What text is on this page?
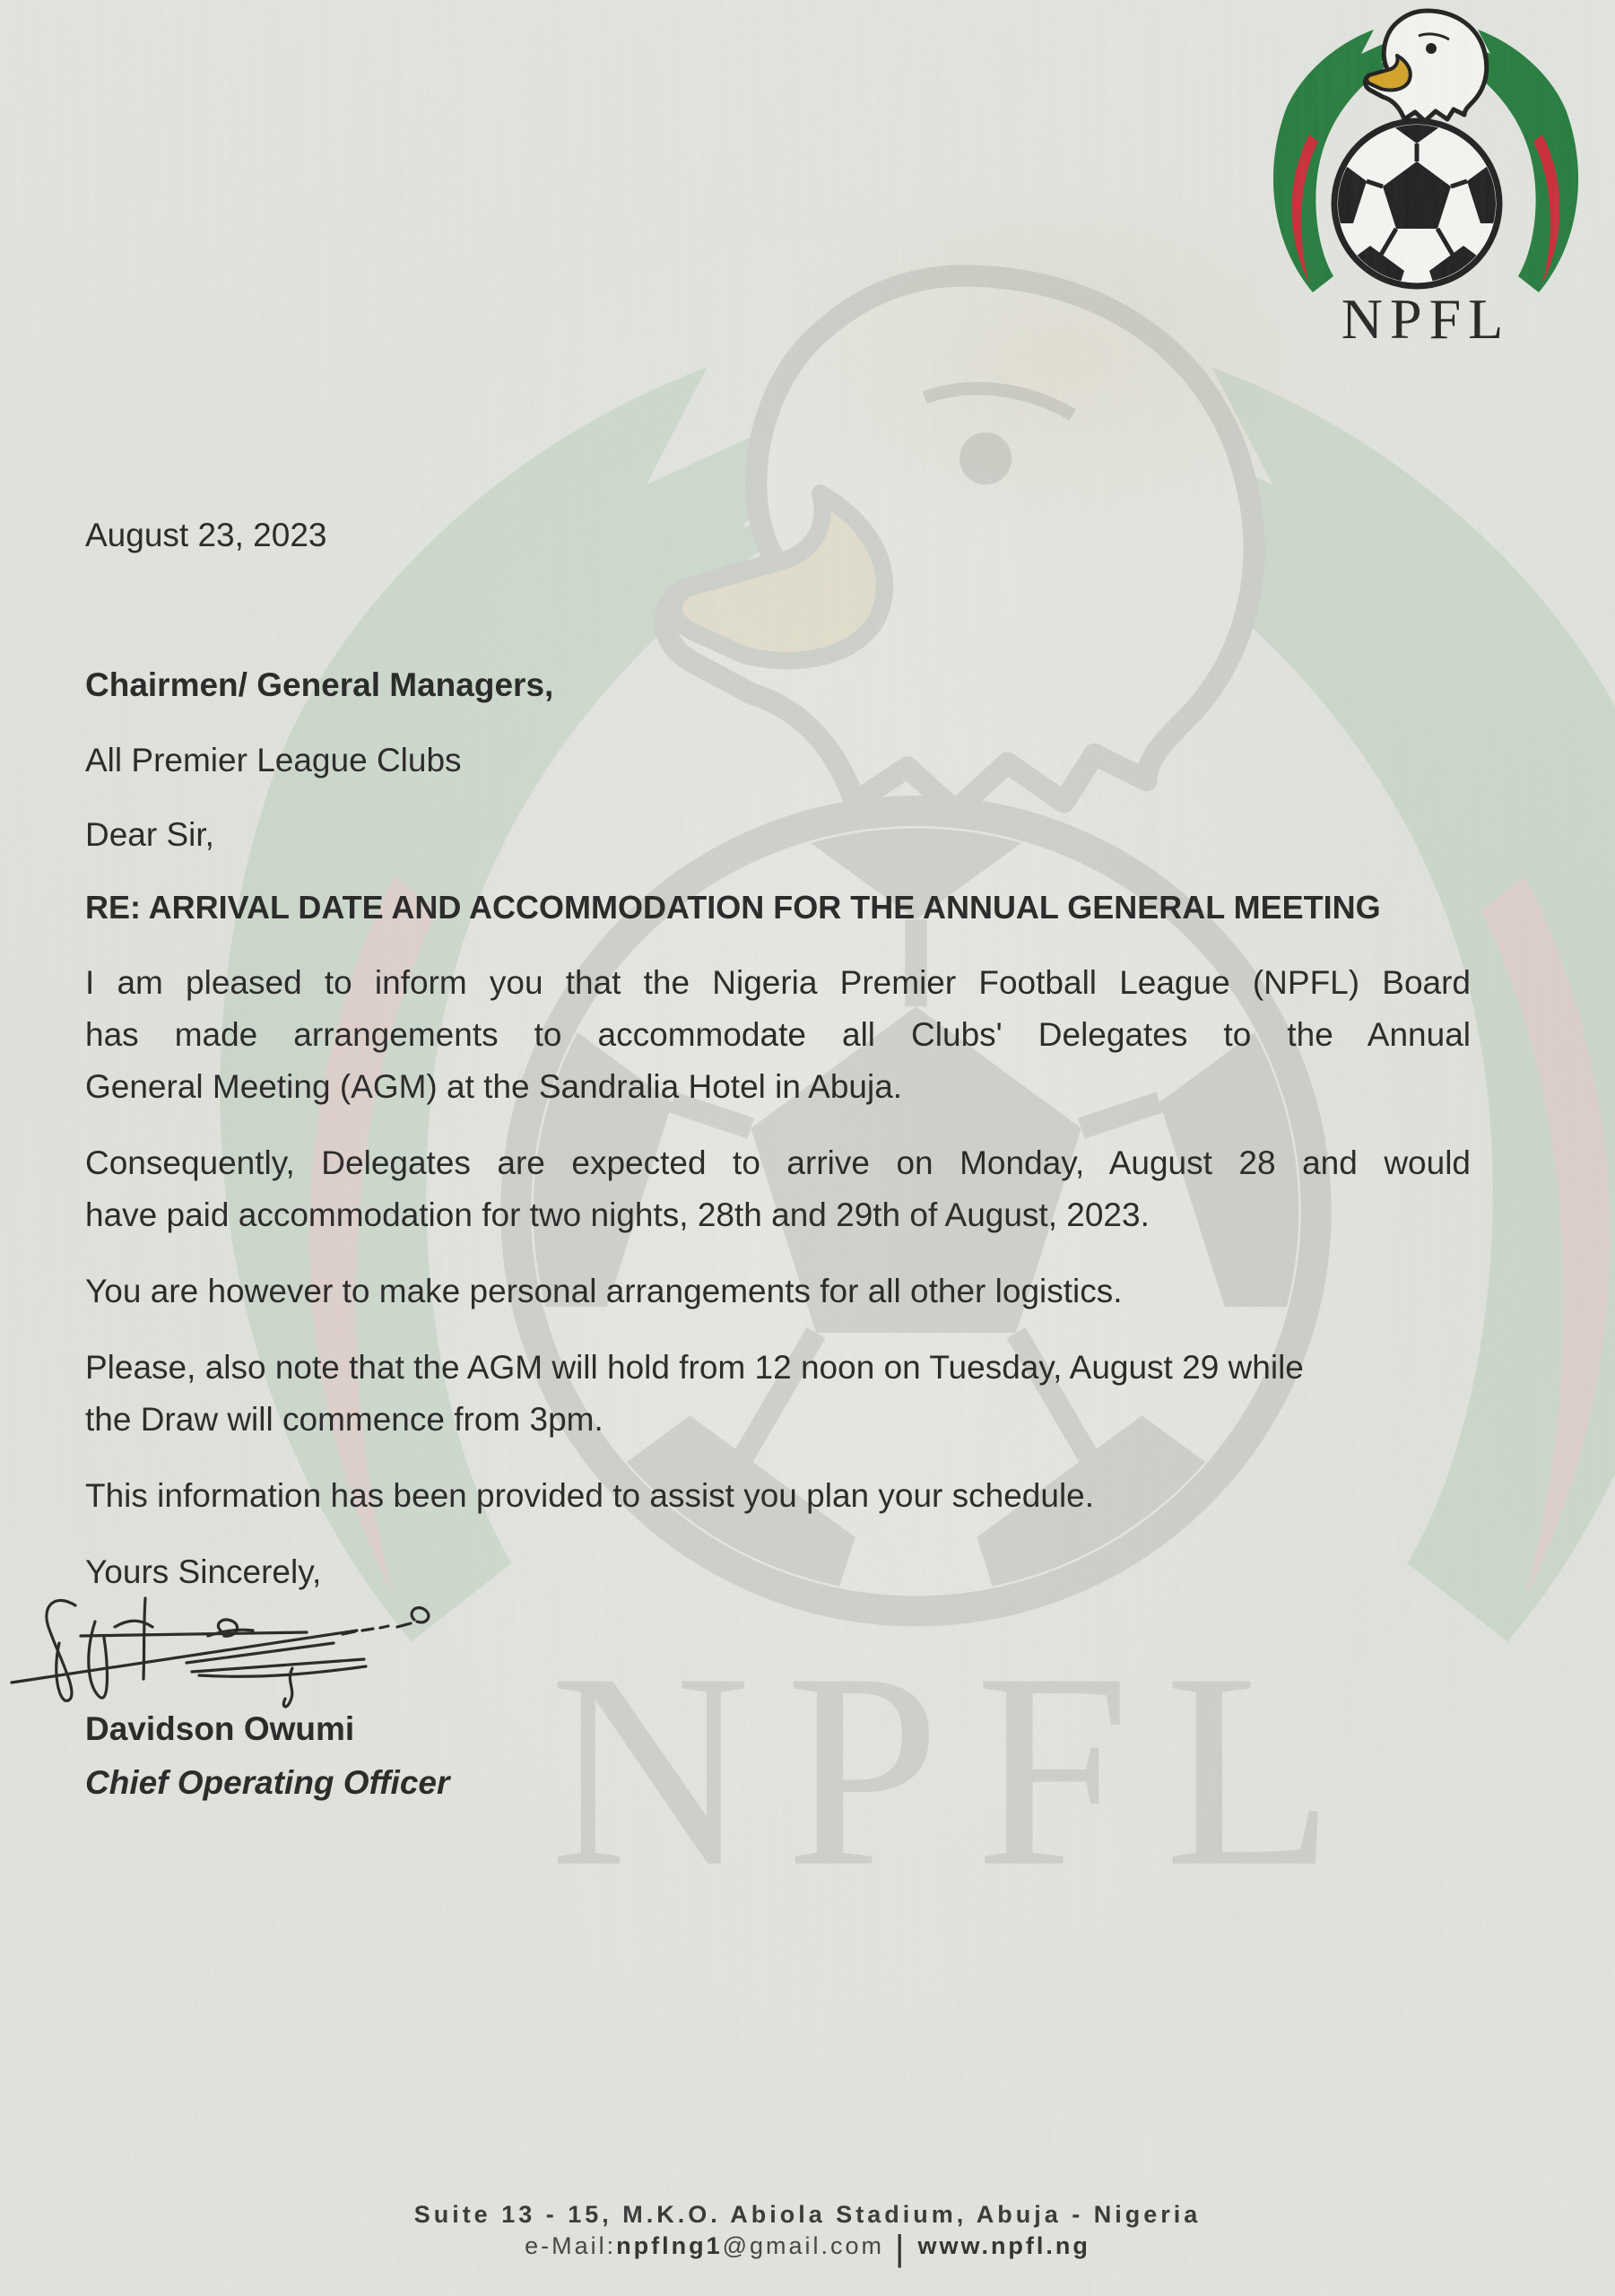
August 23, 2023
Chairmen/ General Managers,
All Premier League Clubs
Dear Sir,
RE: ARRIVAL DATE AND ACCOMMODATION FOR THE ANNUAL GENERAL MEETING
I am pleased to inform you that the Nigeria Premier Football League (NPFL) Board
has made arrangements to accommodate all Clubs' Delegates to the Annual
General Meeting (AGM) at the Sandralia Hotel in Abuja.
Consequently, Delegates are expected to arrive on Monday, August 28 and would
have paid accommodation for two nights, 28th and 29th of August, 2023.
You are however to make personal arrangements for all other logistics.
Please, also note that the AGM will hold from 12 noon on Tuesday, August 29 while
the Draw will commence from 3pm.
This information has been provided to assist you plan your schedule.
Yours Sincerely,
Davidson Owumi
Chief Operating Officer
Suite 13 - 15, M.K.O. Abiola Stadium, Abuja - Nigeria
e-Mail:npflng1@gmail.com | www.npfl.ng
